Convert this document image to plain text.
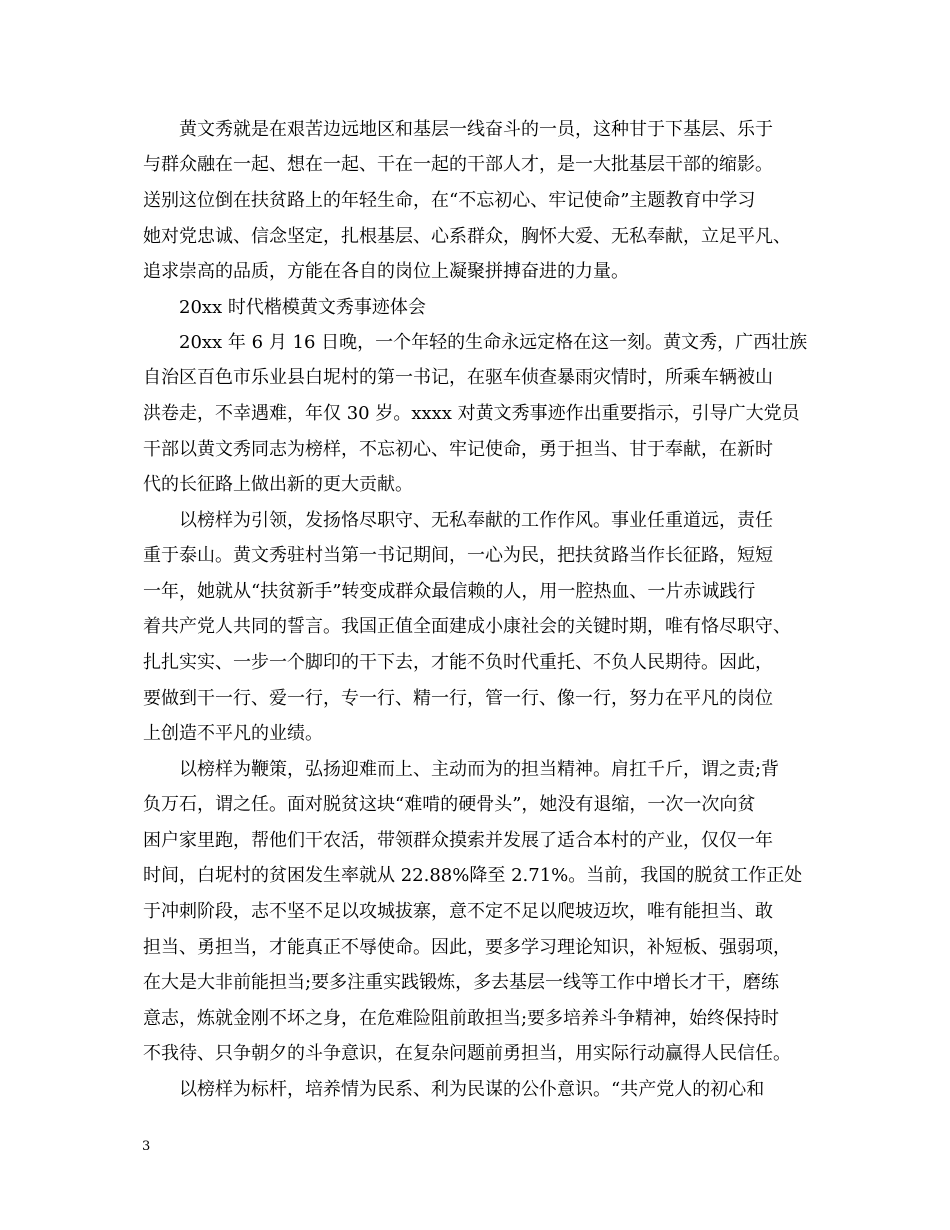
黄文秀就是在艰苦边远地区和基层一线奋斗的一员，这种甘于下基层、乐于
与群众融在一起、想在一起、干在一起的干部人才，是一大批基层干部的缩影。
送别这位倒在扶贫路上的年轻生命，在“不忘初心、牢记使命”主题教育中学习
她对党忠诚、信念坚定，扎根基层、心系群众，胸怀大爱、无私奉献，立足平凡、
追求崇高的品质，方能在各自的岗位上凝聚拼搏奋进的力量。
20xx 时代楷模黄文秀事迹体会
20xx 年 6 月 16 日晚，一个年轻的生命永远定格在这一刻。黄文秀，广西壮族
自治区百色市乐业县白坭村的第一书记，在驱车侦查暴雨灾情时，所乘车辆被山
洪卷走，不幸遇难，年仅 30 岁。xxxx 对黄文秀事迹作出重要指示，引导广大党员
干部以黄文秀同志为榜样，不忘初心、牢记使命，勇于担当、甘于奉献，在新时
代的长征路上做出新的更大贡献。
以榜样为引领，发扬恪尽职守、无私奉献的工作作风。事业任重道远，责任
重于泰山。黄文秀驻村当第一书记期间，一心为民，把扶贫路当作长征路，短短
一年，她就从“扶贫新手”转变成群众最信赖的人，用一腔热血、一片赤诚践行
着共产党人共同的誓言。我国正值全面建成小康社会的关键时期，唯有恪尽职守、
扎扎实实、一步一个脚印的干下去，才能不负时代重托、不负人民期待。因此，
要做到干一行、爱一行，专一行、精一行，管一行、像一行，努力在平凡的岗位
上创造不平凡的业绩。
以榜样为鞭策，弘扬迎难而上、主动而为的担当精神。肩扛千斤，谓之责;背
负万石，谓之任。面对脱贫这块“难啃的硬骨头”，她没有退缩，一次一次向贫
困户家里跑，帮他们干农活，带领群众摸索并发展了适合本村的产业，仅仅一年
时间，白坭村的贫困发生率就从 22.88%降至 2.71%。当前，我国的脱贫工作正处
于冲刺阶段，志不坚不足以攻城拔寨，意不定不足以爬坡迈坎，唯有能担当、敢
担当、勇担当，才能真正不辱使命。因此，要多学习理论知识，补短板、强弱项，
在大是大非前能担当;要多注重实践锻炼，多去基层一线等工作中增长才干，磨练
意志，炼就金刚不坏之身，在危难险阻前敢担当;要多培养斗争精神，始终保持时
不我待、只争朝夕的斗争意识，在复杂问题前勇担当，用实际行动赢得人民信任。
以榜样为标杆，培养情为民系、利为民谋的公仆意识。“共产党人的初心和
3
